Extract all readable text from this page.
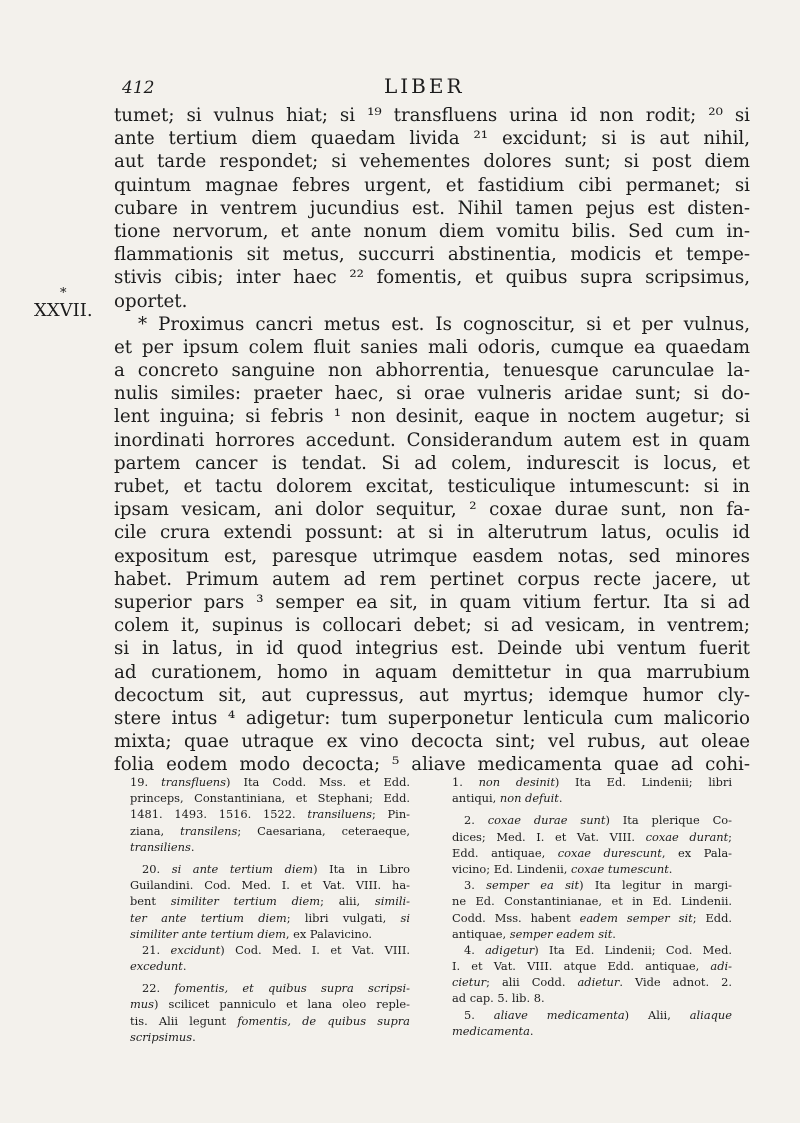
412	LIBER
*
XXVII.
tumet; si vulnus hiat; si ¹⁹ transfluens urina id non rodit; ²⁰ si
ante tertium diem quaedam livida ²¹ excidunt; si is aut nihil,
aut tarde respondet; si vehementes dolores sunt; si post diem
quintum magnae febres urgent, et fastidium cibi permanet; si
cubare in ventrem jucundius est. Nihil tamen pejus est disten-
tione nervorum, et ante nonum diem vomitu bilis. Sed cum in-
flammationis sit metus, succurri abstinentia, modicis et tempe-
stivis cibis; inter haec ²² fomentis, et quibus supra scripsimus,
oportet.
* Proximus cancri metus est. Is cognoscitur, si et per vulnus,
et per ipsum colem fluit sanies mali odoris, cumque ea quaedam
a concreto sanguine non abhorrentia, tenuesque carunculae la-
nulis similes: praeter haec, si orae vulneris aridae sunt; si do-
lent inguina; si febris ¹ non desinit, eaque in noctem augetur; si
inordinati horrores accedunt. Considerandum autem est in quam
partem cancer is tendat. Si ad colem, indurescit is locus, et
rubet, et tactu dolorem excitat, testiculique intumescunt: si in
ipsam vesicam, ani dolor sequitur, ² coxae durae sunt, non fa-
cile crura extendi possunt: at si in alterutrum latus, oculis id
expositum est, paresque utrimque easdem notas, sed minores
habet. Primum autem ad rem pertinet corpus recte jacere, ut
superior pars ³ semper ea sit, in quam vitium fertur. Ita si ad
colem it, supinus is collocari debet; si ad vesicam, in ventrem;
si in latus, in id quod integrius est. Deinde ubi ventum fuerit
ad curationem, homo in aquam demittetur in qua marrubium
decoctum sit, aut cupressus, aut myrtus; idemque humor cly-
stere intus ⁴ adigetur: tum superponetur lenticula cum malicorio
mixta; quae utraque ex vino decocta sint; vel rubus, aut oleae
folia eodem modo decocta; ⁵ aliave medicamenta quae ad cohi-
19. transfluens) Ita Codd. Mss. et Edd.
princeps, Constantiniana, et Stephani; Edd.
1481. 1493. 1516. 1522. transiluens; Pin-
ziana, transilens; Caesariana, ceteraeque,
transiliens.
20. si ante tertium diem) Ita in Libro
Guilandini. Cod. Med. I. et Vat. VIII. ha-
bent similiter tertium diem; alii, simili-
ter ante tertium diem; libri vulgati, si
similiter ante tertium diem, ex Palavicino.
21. excidunt) Cod. Med. I. et Vat. VIII.
excedunt.
22. fomentis, et quibus supra scripsi-
mus) scilicet panniculo et lana oleo reple-
tis. Alii legunt fomentis, de quibus supra
scripsimus.
1. non desinit) Ita Ed. Lindenii; libri
antiqui, non defuit.
2. coxae durae sunt) Ita plerique Co-
dices; Med. I. et Vat. VIII. coxae durant;
Edd. antiquae, coxae durescunt, ex Pala-
vicino; Ed. Lindenii, coxae tumescunt.
3. semper ea sit) Ita legitur in margi-
ne Ed. Constantinianae, et in Ed. Lindenii.
Codd. Mss. habent eadem semper sit; Edd.
antiquae, semper eadem sit.
4. adigetur) Ita Ed. Lindenii; Cod. Med.
I. et Vat. VIII. atque Edd. antiquae, adi-
cietur; alii Codd. adietur. Vide adnot. 2.
ad cap. 5. lib. 8.
5. aliave medicamenta) Alii, aliaque
medicamenta.
